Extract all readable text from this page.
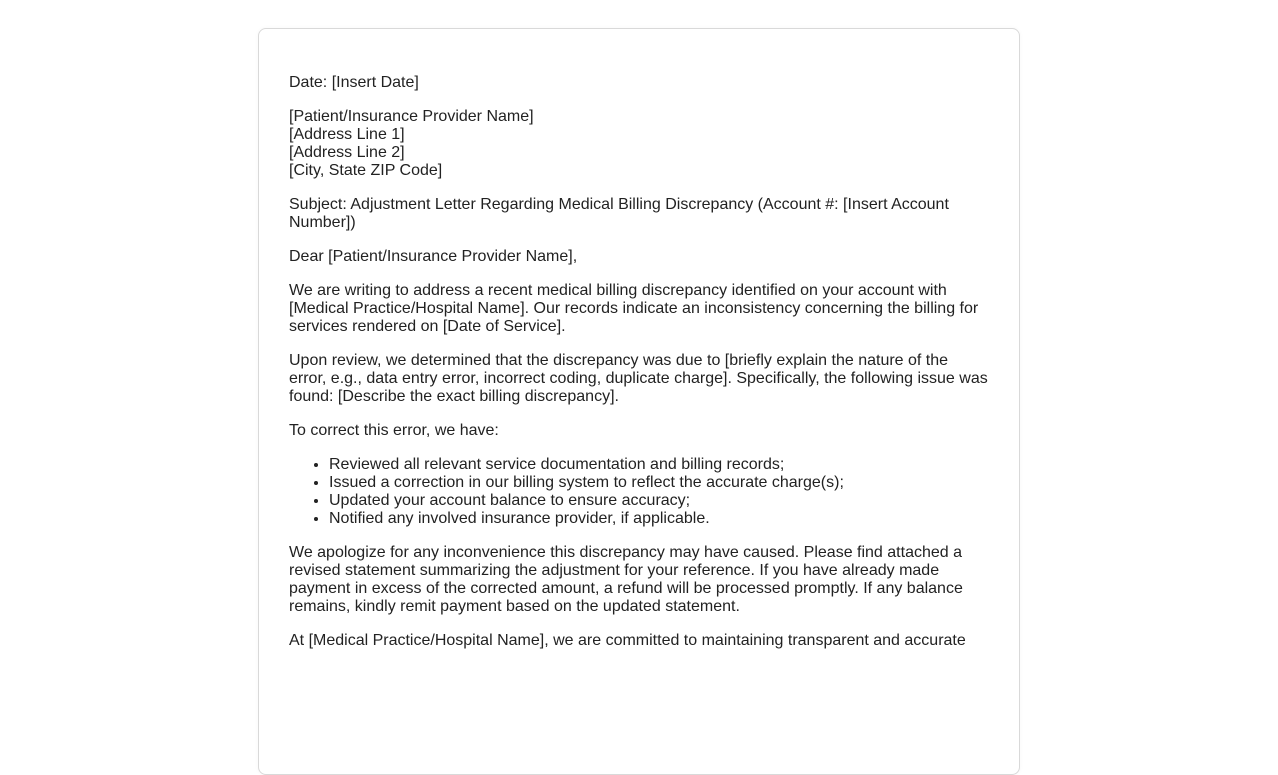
Date: [Insert Date]

[Patient/Insurance Provider Name]
[Address Line 1]
[Address Line 2]
[City, State ZIP Code]

Subject: Adjustment Letter Regarding Medical Billing Discrepancy (Account #: [Insert Account Number])

Dear [Patient/Insurance Provider Name],

We are writing to address a recent medical billing discrepancy identified on your account with [Medical Practice/Hospital Name]. Our records indicate an inconsistency concerning the billing for services rendered on [Date of Service].

Upon review, we determined that the discrepancy was due to [briefly explain the nature of the error, e.g., data entry error, incorrect coding, duplicate charge]. Specifically, the following issue was found: [Describe the exact billing discrepancy].

To correct this error, we have:

• Reviewed all relevant service documentation and billing records;
• Issued a correction in our billing system to reflect the accurate charge(s);
• Updated your account balance to ensure accuracy;
• Notified any involved insurance provider, if applicable.

We apologize for any inconvenience this discrepancy may have caused. Please find attached a revised statement summarizing the adjustment for your reference. If you have already made payment in excess of the corrected amount, a refund will be processed promptly. If any balance remains, kindly remit payment based on the updated statement.

At [Medical Practice/Hospital Name], we are committed to maintaining transparent and accurate
